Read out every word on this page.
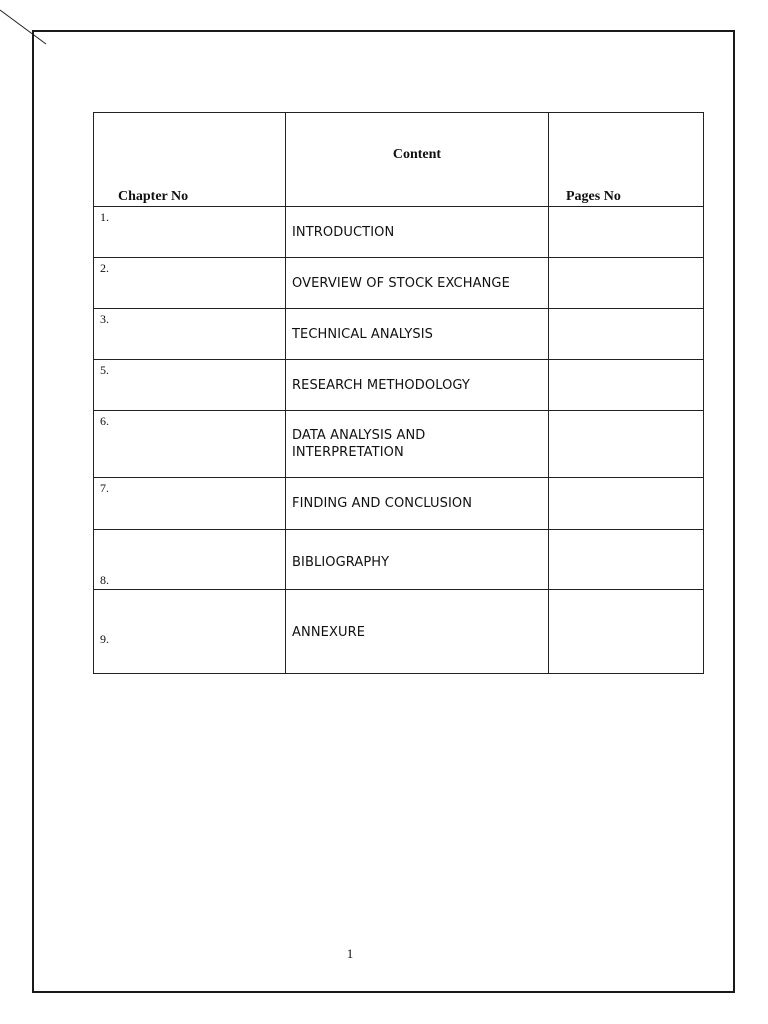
Chapter No	Content	Pages No
1.	INTRODUCTION	
2.	OVERVIEW OF STOCK EXCHANGE	
3.	TECHNICAL ANALYSIS	
5.	RESEARCH METHODOLOGY	
6.	DATA ANALYSIS AND INTERPRETATION	
7.	FINDING AND CONCLUSION	
8.	BIBLIOGRAPHY	
9.	ANNEXURE	
1
